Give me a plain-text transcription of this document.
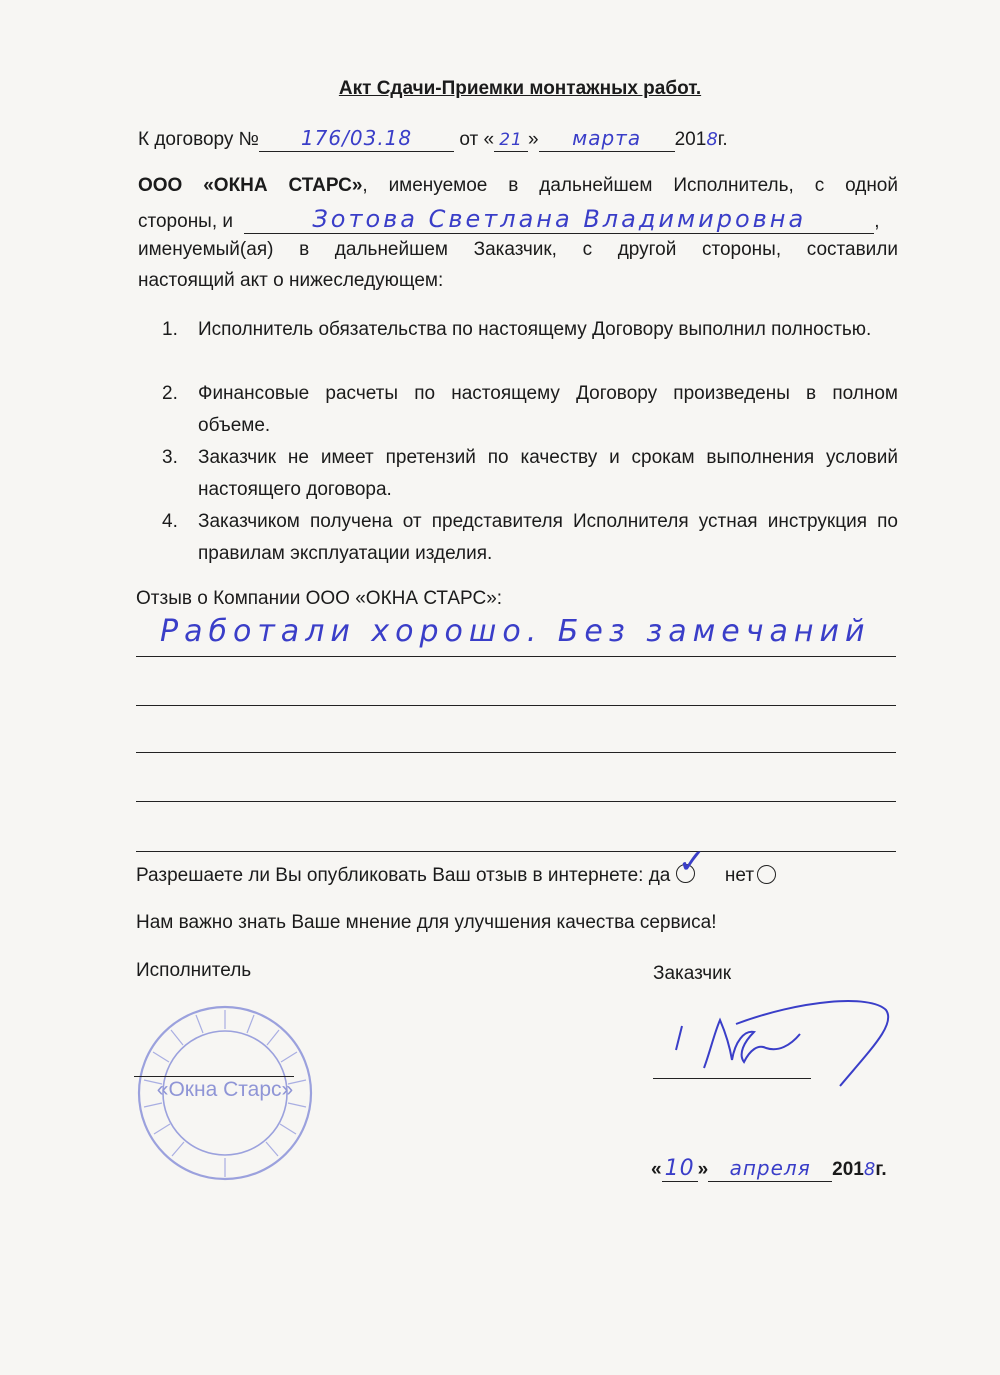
Акт Сдачи-Приемки монтажных работ.
К договору № 176/03.18 от « 21 » марта 2018г.
ООО «ОКНА СТАРС», именуемое в дальнейшем Исполнитель, с одной
стороны, и	Зотова Светлана Владимировна	,
именуемый(ая) в дальнейшем Заказчик, с другой стороны, составили
настоящий акт о нижеследующем:
1. Исполнитель обязательства по настоящему Договору выполнил полностью.
2. Финансовые расчеты по настоящему Договору произведены в полном объеме.
3. Заказчик не имеет претензий по качеству и срокам выполнения условий настоящего договора.
4. Заказчиком получена от представителя Исполнителя устная инструкция по правилам эксплуатации изделия.
Отзыв о Компании ООО «ОКНА СТАРС»:
Работали хорошо. Без замечаний
Разрешаете ли Вы опубликовать Ваш отзыв в интернете: да ✓ нет
Нам важно знать Ваше мнение для улучшения качества сервиса!
Исполнитель	Заказчик
«Окна Старс»
« 10 » апреля 2018г.
